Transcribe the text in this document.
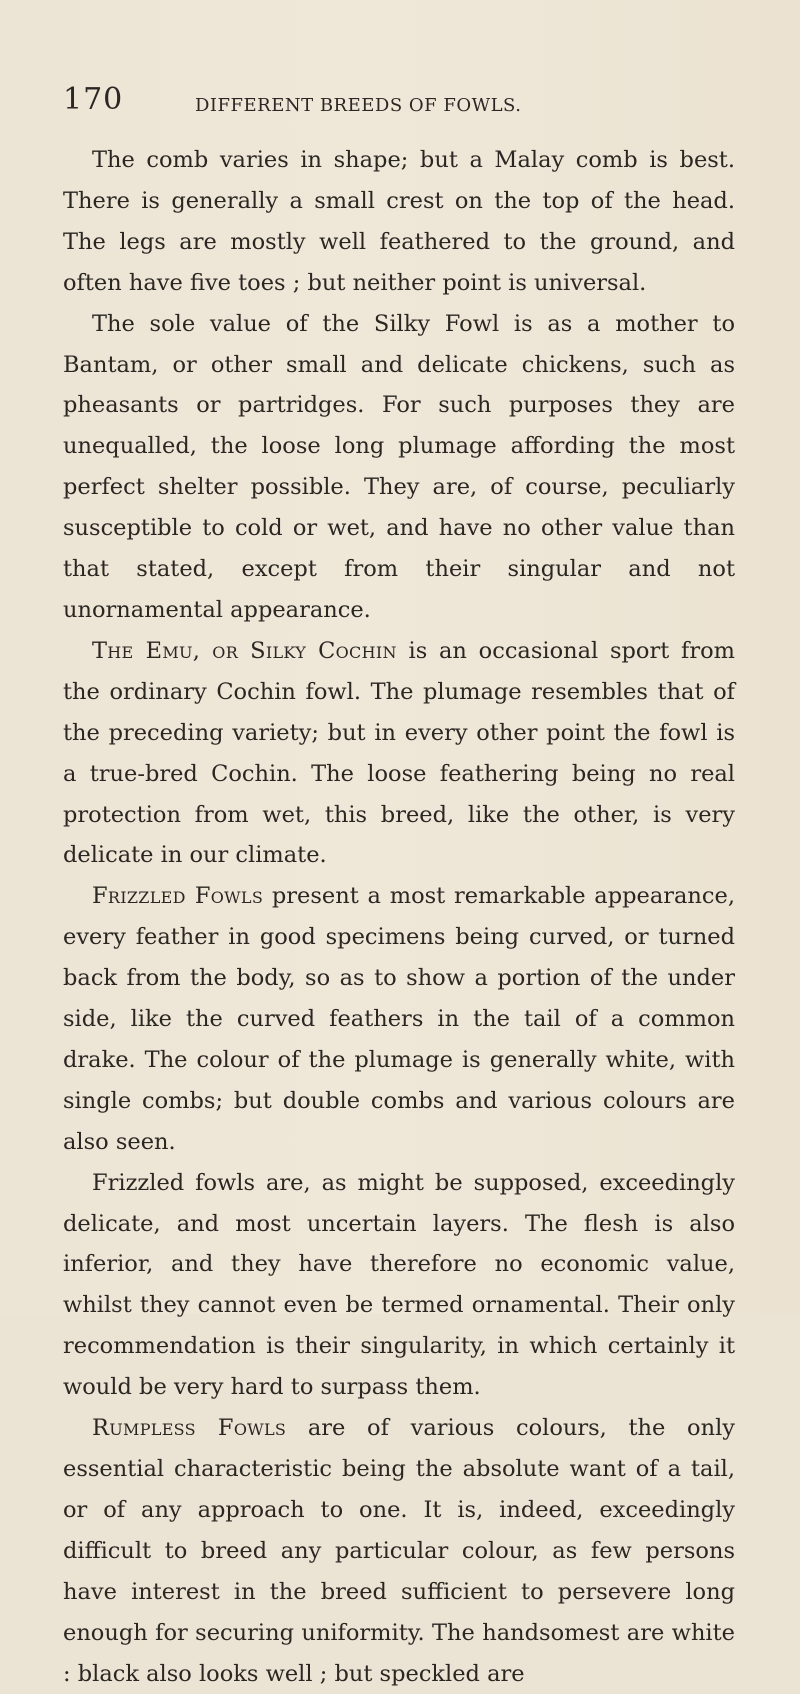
170	DIFFERENT BREEDS OF FOWLS.

The comb varies in shape; but a Malay comb is best. There is generally a small crest on the top of the head. The legs are mostly well feathered to the ground, and often have five toes ; but neither point is universal.

The sole value of the Silky Fowl is as a mother to Bantam, or other small and delicate chickens, such as pheasants or partridges. For such purposes they are unequalled, the loose long plumage affording the most perfect shelter possible. They are, of course, peculiarly susceptible to cold or wet, and have no other value than that stated, except from their singular and not unornamental appearance.

The Emu, or Silky Cochin is an occasional sport from the ordinary Cochin fowl. The plumage resembles that of the preceding variety; but in every other point the fowl is a true-bred Cochin. The loose feathering being no real protection from wet, this breed, like the other, is very delicate in our climate.

Frizzled Fowls present a most remarkable appearance, every feather in good specimens being curved, or turned back from the body, so as to show a portion of the under side, like the curved feathers in the tail of a common drake. The colour of the plumage is generally white, with single combs; but double combs and various colours are also seen.

Frizzled fowls are, as might be supposed, exceedingly delicate, and most uncertain layers. The flesh is also inferior, and they have therefore no economic value, whilst they cannot even be termed ornamental. Their only recommendation is their singularity, in which certainly it would be very hard to surpass them.

Rumpless Fowls are of various colours, the only essential characteristic being the absolute want of a tail, or of any approach to one. It is, indeed, exceedingly difficult to breed any particular colour, as few persons have interest in the breed sufficient to persevere long enough for securing uniformity. The handsomest are white : black also looks well ; but speckled are
